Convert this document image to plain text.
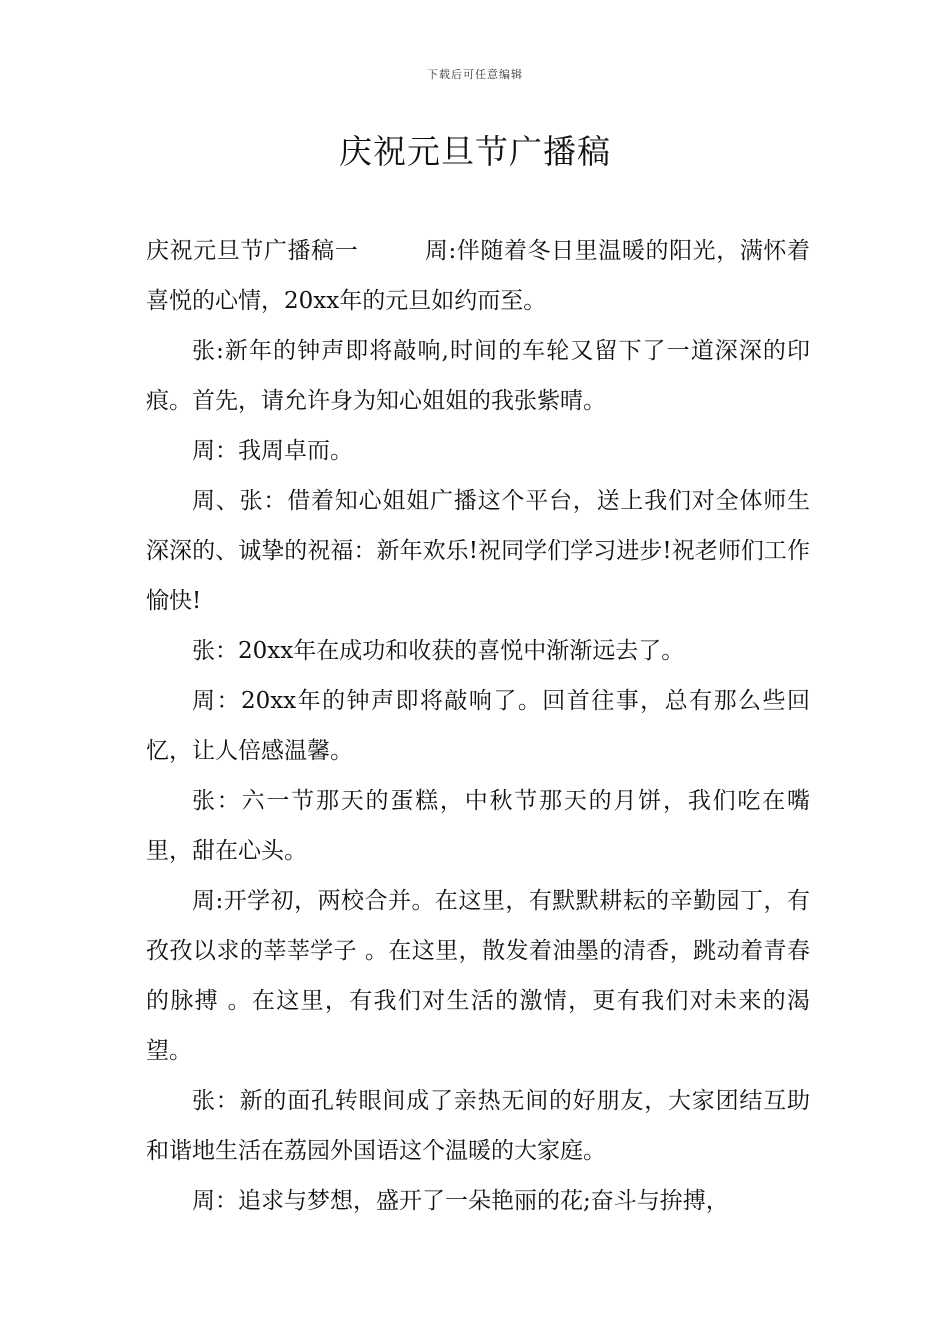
下载后可任意编辑
庆祝元旦节广播稿

庆祝元旦节广播稿一	周:伴随着冬日里温暖的阳光，满怀着喜悦的心情，20xx年的元旦如约而至。

张:新年的钟声即将敲响,时间的车轮又留下了一道深深的印痕。首先，请允许身为知心姐姐的我张紫晴。

周：我周卓而。

周、张：借着知心姐姐广播这个平台，送上我们对全体师生深深的、诚挚的祝福：新年欢乐!祝同学们学习进步!祝老师们工作 愉快!

张：20xx年在成功和收获的喜悦中渐渐远去了。

周：20xx年的钟声即将敲响了。回首往事，总有那么些回忆，让人倍感温馨。

张：六一节那天的蛋糕，中秋节那天的月饼，我们吃在嘴里，甜在心头。

周:开学初，两校合并。在这里，有默默耕耘的辛勤园丁，有孜孜以求的莘莘学子 。在这里，散发着油墨的清香，跳动着青春的脉搏 。在这里，有我们对生活的激情，更有我们对未来的渴望。

张：新的面孔转眼间成了亲热无间的好朋友，大家团结互助和谐地生活在荔园外国语这个温暖的大家庭。

周：追求与梦想，盛开了一朵艳丽的花;奋斗与拚搏，
